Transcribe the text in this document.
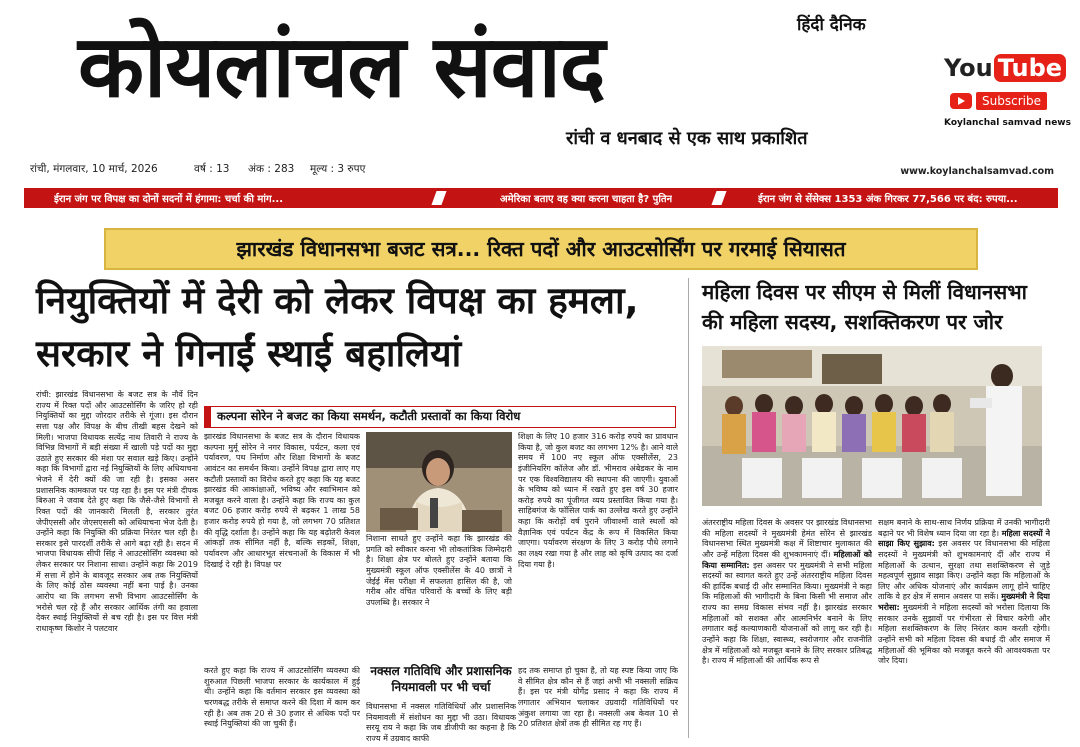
हिंदी दैनिक
कोयलांचल संवाद
रांची व धनबाद से एक साथ प्रकाशित
You Tube
Subscribe
Koylanchal samvad news
रांची, मंगलवार, 10 मार्च, 2026	वर्ष : 13 अंक : 283 मूल्य : 3 रुपए	www.koylanchalsamvad.com
ईरान जंग पर विपक्ष का दोनों सदनों में हंगामा: चर्चा की मांग...	अमेरिका बताए वह क्या करना चाहता है? पुतिन	ईरान जंग से सेंसेक्स 1353 अंक गिरकर 77,566 पर बंद: रुपया...
झारखंड विधानसभा बजट सत्र... रिक्त पदों और आउटसोर्सिंग पर गरमाई सियासत
नियुक्तियों में देरी को लेकर विपक्ष का हमला, सरकार ने गिनाईं स्थाई बहालियां
रांची: झारखंड विधानसभा के बजट सत्र के नौवें दिन राज्य में रिक्त पदों और आउटसोर्सिंग के जरिए हो रही नियुक्तियों का मुद्दा जोरदार तरीके से गूंजा। इस दौरान सत्ता पक्ष और विपक्ष के बीच तीखी बहस देखने को मिली। भाजपा विधायक सत्येंद्र नाथ तिवारी ने राज्य के विभिन्न विभागों में बड़ी संख्या में खाली पड़े पदों का मुद्दा उठाते हुए सरकार की मंशा पर सवाल खड़े किए। उन्होंने कहा कि विभागों द्वारा नई नियुक्तियों के लिए अधियाचना भेजने में देरी क्यों की जा रही है। इसका असर प्रशासनिक कामकाज पर पड़ रहा है। इस पर मंत्री दीपक बिरुआ ने जवाब देते हुए कहा कि जैसे-जैसे विभागों से रिक्त पदों की जानकारी मिलती है, सरकार तुरंत जेपीएससी और जेएसएससी को अधियाचना भेज देती है। उन्होंने कहा कि नियुक्ति की प्रक्रिया निरंतर चल रही है। सरकार इसे पारदर्शी तरीके से आगे बढ़ा रही है। सदन में भाजपा विधायक सीपी सिंह ने आउटसोर्सिंग व्यवस्था को लेकर सरकार पर निशाना साधा। उन्होंने कहा कि 2019 में सत्ता में होने के बावजूद सरकार अब तक नियुक्तियों के लिए कोई ठोस व्यवस्था नहीं बना पाई है। उनका आरोप था कि लगभग सभी विभाग आउटसोर्सिंग के भरोसे चल रहे हैं और सरकार आर्थिक तंगी का हवाला देकर स्थाई नियुक्तियों से बच रही है। इस पर वित्त मंत्री राधाकृष्ण किशोर ने पलटवार
कल्पना सोरेन ने बजट का किया समर्थन, कटौती प्रस्तावों का किया विरोध
झारखंड विधानसभा के बजट सत्र के दौरान विधायक कल्पना मुर्मू सोरेन ने नगर विकास, पर्यटन, कला एवं पर्यावरण, पथ निर्माण और शिक्षा विभागों के बजट आवंटन का समर्थन किया। उन्होंने विपक्ष द्वारा लाए गए कटौती प्रस्तावों का विरोध करते हुए कहा कि यह बजट झारखंड की आकांक्षाओं, भविष्य और स्वाभिमान को मजबूत करने वाला है। उन्होंने कहा कि राज्य का कुल बजट 06 हजार करोड़ रुपये से बढ़कर 1 लाख 58 हजार करोड़ रुपये हो गया है, जो लगभग 70 प्रतिशत की वृद्धि दर्शाता है। उन्होंने कहा कि यह बढ़ोतरी केवल आंकड़ों तक सीमित नहीं है, बल्कि सड़कों, शिक्षा, पर्यावरण और आधारभूत संरचनाओं के विकास में भी दिखाई दे रही है। विपक्ष पर
निशाना साधते हुए उन्होंने कहा कि झारखंड की प्रगति को स्वीकार करना भी लोकतांत्रिक जिम्मेदारी है। शिक्षा क्षेत्र पर बोलते हुए उन्होंने बताया कि मुख्यमंत्री स्कूल ऑफ एक्सीलेंस के 40 छात्रों ने जेईई मेंस परीक्षा में सफलता हासिल की है, जो गरीब और वंचित परिवारों के बच्चों के लिए बड़ी उपलब्धि है। सरकार ने
शिक्षा के लिए 10 हजार 316 करोड़ रुपये का प्रावधान किया है, जो कुल बजट का लगभग 12% है। आने वाले समय में 100 नए स्कूल ऑफ एक्सीलेंस, 23 इंजीनियरिंग कॉलेज और डॉ. भीमराव अंबेडकर के नाम पर एक विश्वविद्यालय की स्थापना की जाएगी। युवाओं के भविष्य को ध्यान में रखते हुए इस वर्ष 30 हजार करोड़ रुपये का पूंजीगत व्यय प्रस्तावित किया गया है। साहिबगंज के फॉसिल पार्क का उल्लेख करते हुए उन्होंने कहा कि करोड़ों वर्ष पुराने जीवाश्मों वाले स्थलों को वैज्ञानिक एवं पर्यटन केंद्र के रूप में विकसित किया जाएगा। पर्यावरण संरक्षण के लिए 3 करोड़ पौधे लगाने का लक्ष्य रखा गया है और लाह को कृषि उत्पाद का दर्जा दिया गया है।
करते हुए कहा कि राज्य में आउटसोर्सिंग व्यवस्था की शुरुआत पिछली भाजपा सरकार के कार्यकाल में हुई थी। उन्होंने कहा कि वर्तमान सरकार इस व्यवस्था को चरणबद्ध तरीके से समाप्त करने की दिशा में काम कर रही है। अब तक 20 से 30 हजार से अधिक पदों पर स्थाई नियुक्तियां की जा चुकी हैं।
नक्सल गतिविधि और प्रशासनिक नियमावली पर भी चर्चा
विधानसभा में नक्सल गतिविधियों और प्रशासनिक नियमावली में संशोधन का मुद्दा भी उठा। विधायक सरयू राय ने कहा कि जब डीजीपी का कहना है कि राज्य में उग्रवाद काफी
हद तक समाप्त हो चुका है, तो यह स्पष्ट किया जाए कि वे सीमित क्षेत्र कौन से हैं जहां अभी भी नक्सली सक्रिय हैं। इस पर मंत्री योगेंद्र प्रसाद ने कहा कि राज्य में लगातार अभियान चलाकर उग्रवादी गतिविधियों पर अंकुश लगाया जा रहा है। नक्सली अब केवल 10 से 20 प्रतिशत क्षेत्रों तक ही सीमित रह गए हैं।
महिला दिवस पर सीएम से मिलीं विधानसभा की महिला सदस्य, सशक्तिकरण पर जोर
अंतरराष्ट्रीय महिला दिवस के अवसर पर झारखंड विधानसभा की महिला सदस्यों ने मुख्यमंत्री हेमंत सोरेन से झारखंड विधानसभा स्थित मुख्यमंत्री कक्ष में शिष्टाचार मुलाकात की और उन्हें महिला दिवस की शुभकामनाएं दीं। महिलाओं को किया सम्मानित: इस अवसर पर मुख्यमंत्री ने सभी महिला सदस्यों का स्वागत करते हुए उन्हें अंतरराष्ट्रीय महिला दिवस की हार्दिक बधाई दी और सम्मानित किया। मुख्यमंत्री ने कहा कि महिलाओं की भागीदारी के बिना किसी भी समाज और राज्य का समग्र विकास संभव नहीं है। झारखंड सरकार महिलाओं को सशक्त और आत्मनिर्भर बनाने के लिए लगातार कई कल्याणकारी योजनाओं को लागू कर रही है। उन्होंने कहा कि शिक्षा, स्वास्थ्य, स्वरोजगार और राजनीति क्षेत्र में महिलाओं को मजबूत बनाने के लिए सरकार प्रतिबद्ध है। राज्य में महिलाओं की आर्थिक रूप से
सक्षम बनाने के साथ-साथ निर्णय प्रक्रिया में उनकी भागीदारी बढ़ाने पर भी विशेष ध्यान दिया जा रहा है। महिला सदस्यों ने साझा किए सुझाव: इस अवसर पर विधानसभा की महिला सदस्यों ने मुख्यमंत्री को शुभकामनाएं दीं और राज्य में महिलाओं के उत्थान, सुरक्षा तथा सशक्तिकरण से जुड़े महत्वपूर्ण सुझाव साझा किए। उन्होंने कहा कि महिलाओं के लिए और अधिक योजनाएं और कार्यक्रम लागू होने चाहिए ताकि वे हर क्षेत्र में समान अवसर पा सकें। मुख्यमंत्री ने दिया भरोसा: मुख्यमंत्री ने महिला सदस्यों को भरोसा दिलाया कि सरकार उनके सुझावों पर गंभीरता से विचार करेगी और महिला सशक्तिकरण के लिए निरंतर काम करती रहेगी। उन्होंने सभी को महिला दिवस की बधाई दी और समाज में महिलाओं की भूमिका को मजबूत करने की आवश्यकता पर जोर दिया।
